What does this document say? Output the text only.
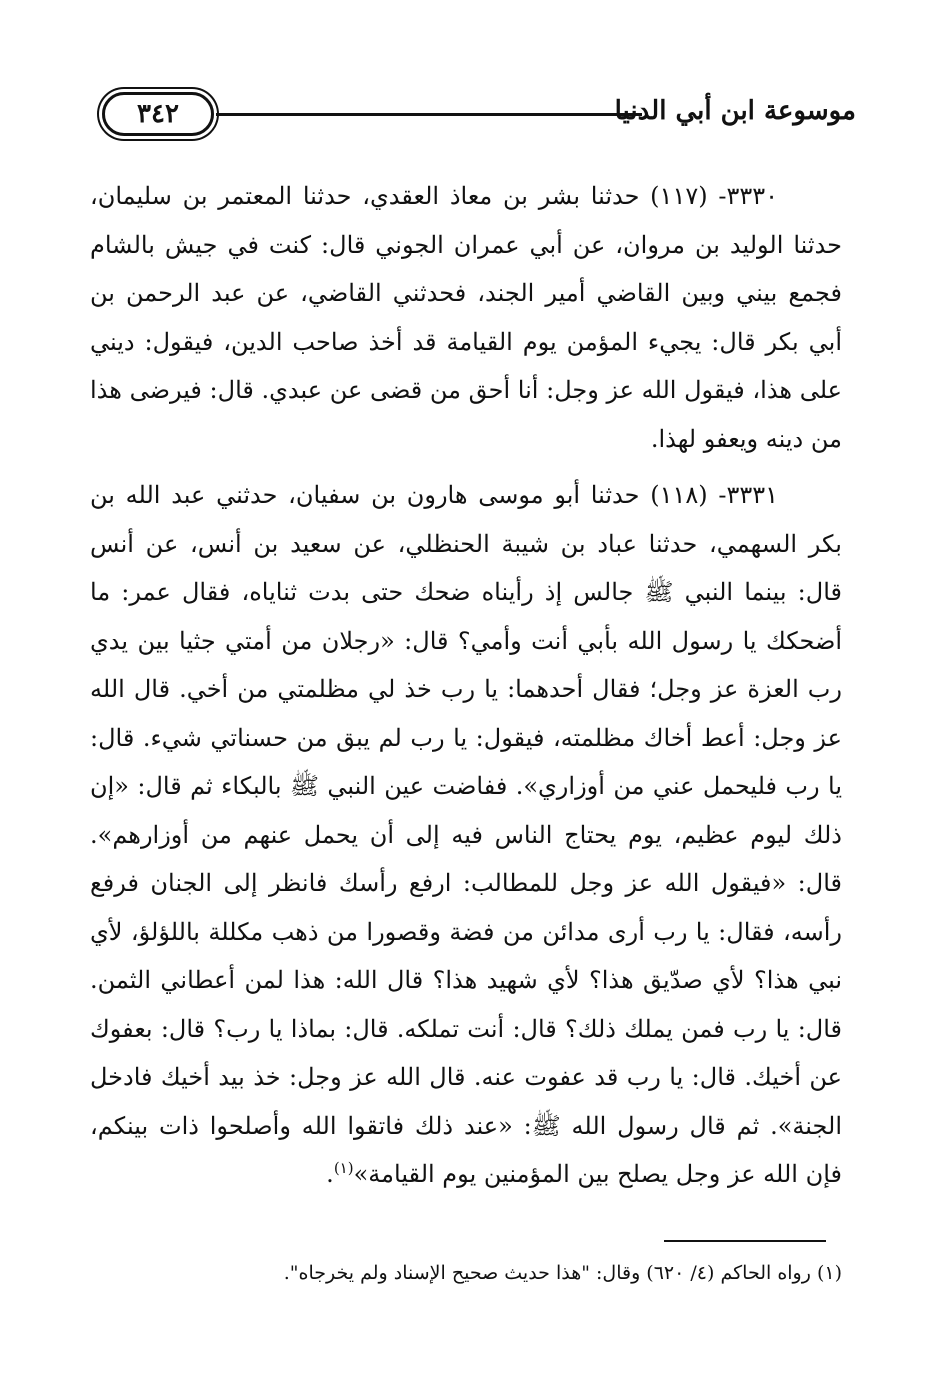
٣٤٢	موسوعة ابن أبي الدنيا

٣٣٣٠- (١١٧) حدثنا بشر بن معاذ العقدي، حدثنا المعتمر بن سليمان، حدثنا الوليد بن مروان، عن أبي عمران الجوني قال: كنت في جيش بالشام فجمع بيني وبين القاضي أمير الجند، فحدثني القاضي، عن عبد الرحمن بن أبي بكر قال: يجيء المؤمن يوم القيامة قد أخذ صاحب الدين، فيقول: ديني على هذا، فيقول الله عز وجل: أنا أحق من قضى عن عبدي. قال: فيرضى هذا من دينه ويعفو لهذا.

٣٣٣١- (١١٨) حدثنا أبو موسى هارون بن سفيان، حدثني عبد الله بن بكر السهمي، حدثنا عباد بن شيبة الحنظلي، عن سعيد بن أنس، عن أنس قال: بينما النبي ﷺ جالس إذ رأيناه ضحك حتى بدت ثناياه، فقال عمر: ما أضحكك يا رسول الله بأبي أنت وأمي؟ قال: «رجلان من أمتي جثيا بين يدي رب العزة عز وجل؛ فقال أحدهما: يا رب خذ لي مظلمتي من أخي. قال الله عز وجل: أعط أخاك مظلمته، فيقول: يا رب لم يبق من حسناتي شيء. قال: يا رب فليحمل عني من أوزاري». ففاضت عين النبي ﷺ بالبكاء ثم قال: «إن ذلك ليوم عظيم، يوم يحتاج الناس فيه إلى أن يحمل عنهم من أوزارهم». قال: «فيقول الله عز وجل للمطالب: ارفع رأسك فانظر إلى الجنان فرفع رأسه، فقال: يا رب أرى مدائن من فضة وقصورا من ذهب مكللة باللؤلؤ، لأي نبي هذا؟ لأي صدّيق هذا؟ لأي شهيد هذا؟ قال الله: هذا لمن أعطاني الثمن. قال: يا رب فمن يملك ذلك؟ قال: أنت تملكه. قال: بماذا يا رب؟ قال: بعفوك عن أخيك. قال: يا رب قد عفوت عنه. قال الله عز وجل: خذ بيد أخيك فادخل الجنة». ثم قال رسول الله ﷺ: «عند ذلك فاتقوا الله وأصلحوا ذات بينكم، فإن الله عز وجل يصلح بين المؤمنين يوم القيامة»$^{(١)}$.

(١) رواه الحاكم (٤/ ٦٢٠) وقال: "هذا حديث صحيح الإسناد ولم يخرجاه".
